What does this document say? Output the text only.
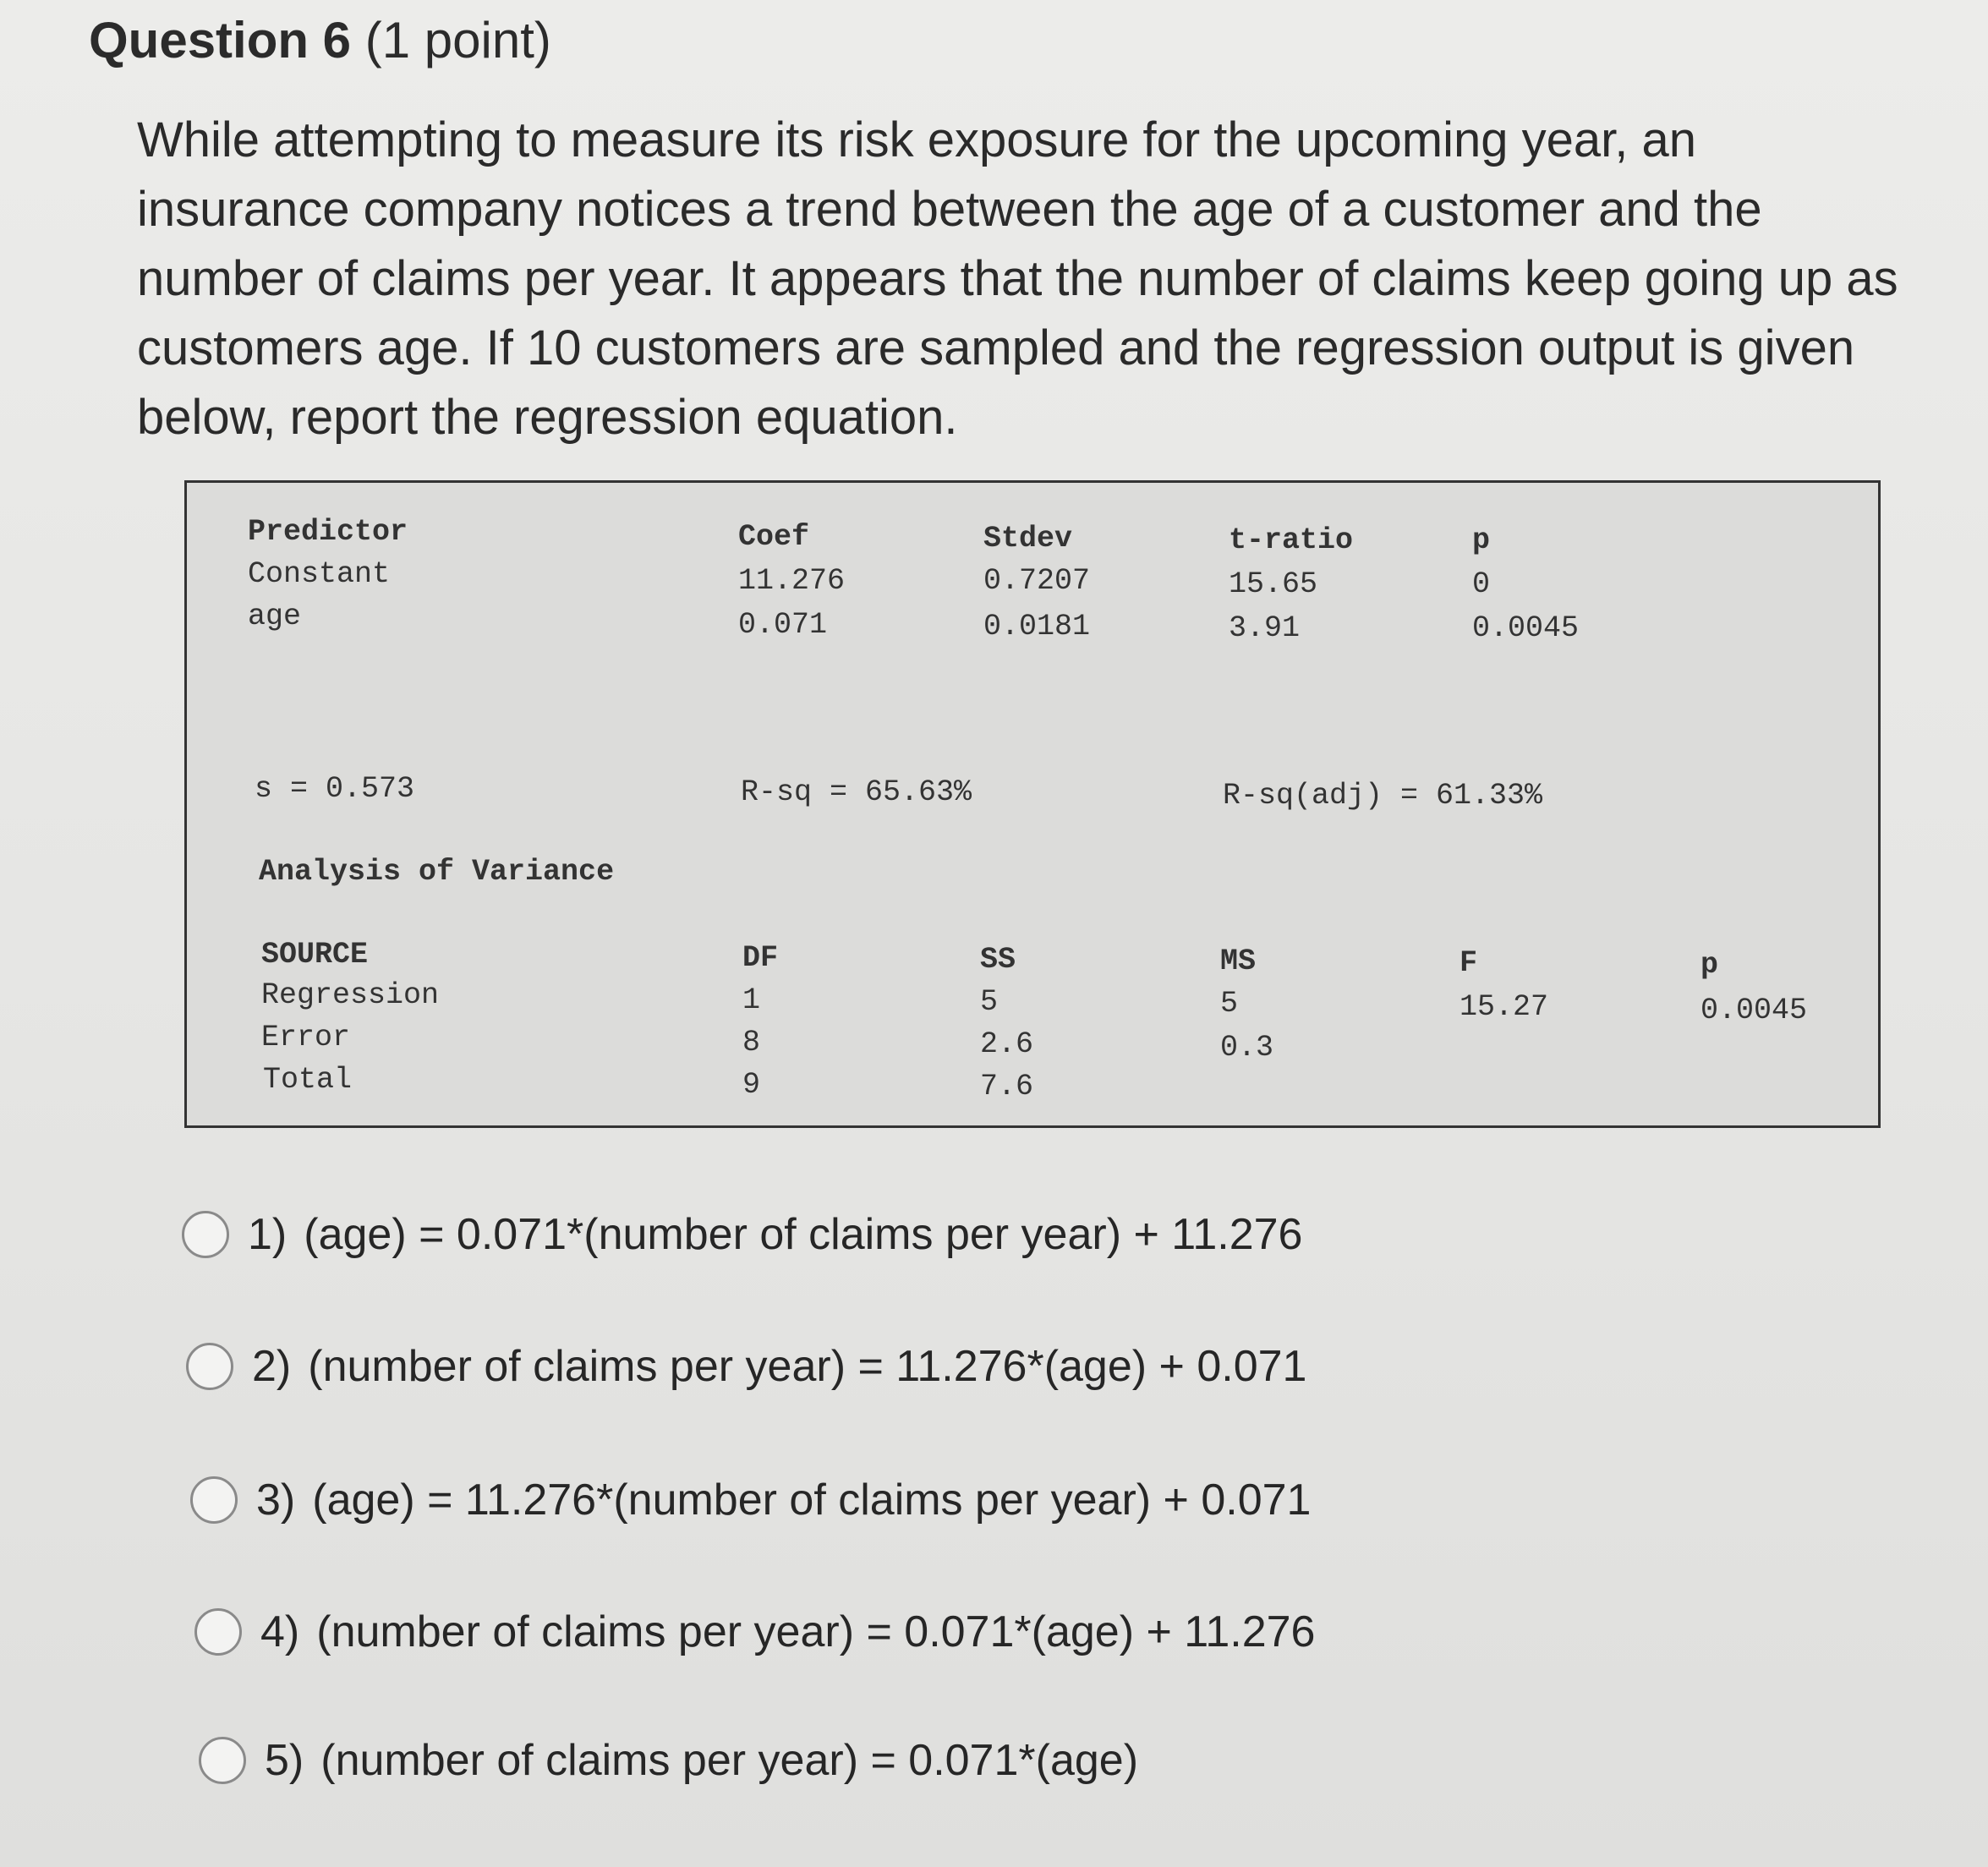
Question 6 (1 point)
While attempting to measure its risk exposure for the upcoming year, an insurance company notices a trend between the age of a customer and the number of claims per year. It appears that the number of claims keep going up as customers age. If 10 customers are sampled and the regression output is given below, report the regression equation.
Predictor	Coef	Stdev	t-ratio	p
Constant	11.276	0.7207	15.65	0
age	0.071	0.0181	3.91	0.0045
s = 0.573	R-sq = 65.63%	R-sq(adj) = 61.33%
Analysis of Variance
SOURCE	DF	SS	MS	F	p
Regression	1	5	5	15.27	0.0045
Error	8	2.6	0.3
Total	9	7.6
1) (age) = 0.071*(number of claims per year) + 11.276
2) (number of claims per year) = 11.276*(age) + 0.071
3) (age) = 11.276*(number of claims per year) + 0.071
4) (number of claims per year) = 0.071*(age) + 11.276
5) (number of claims per year) = 0.071*(age)
